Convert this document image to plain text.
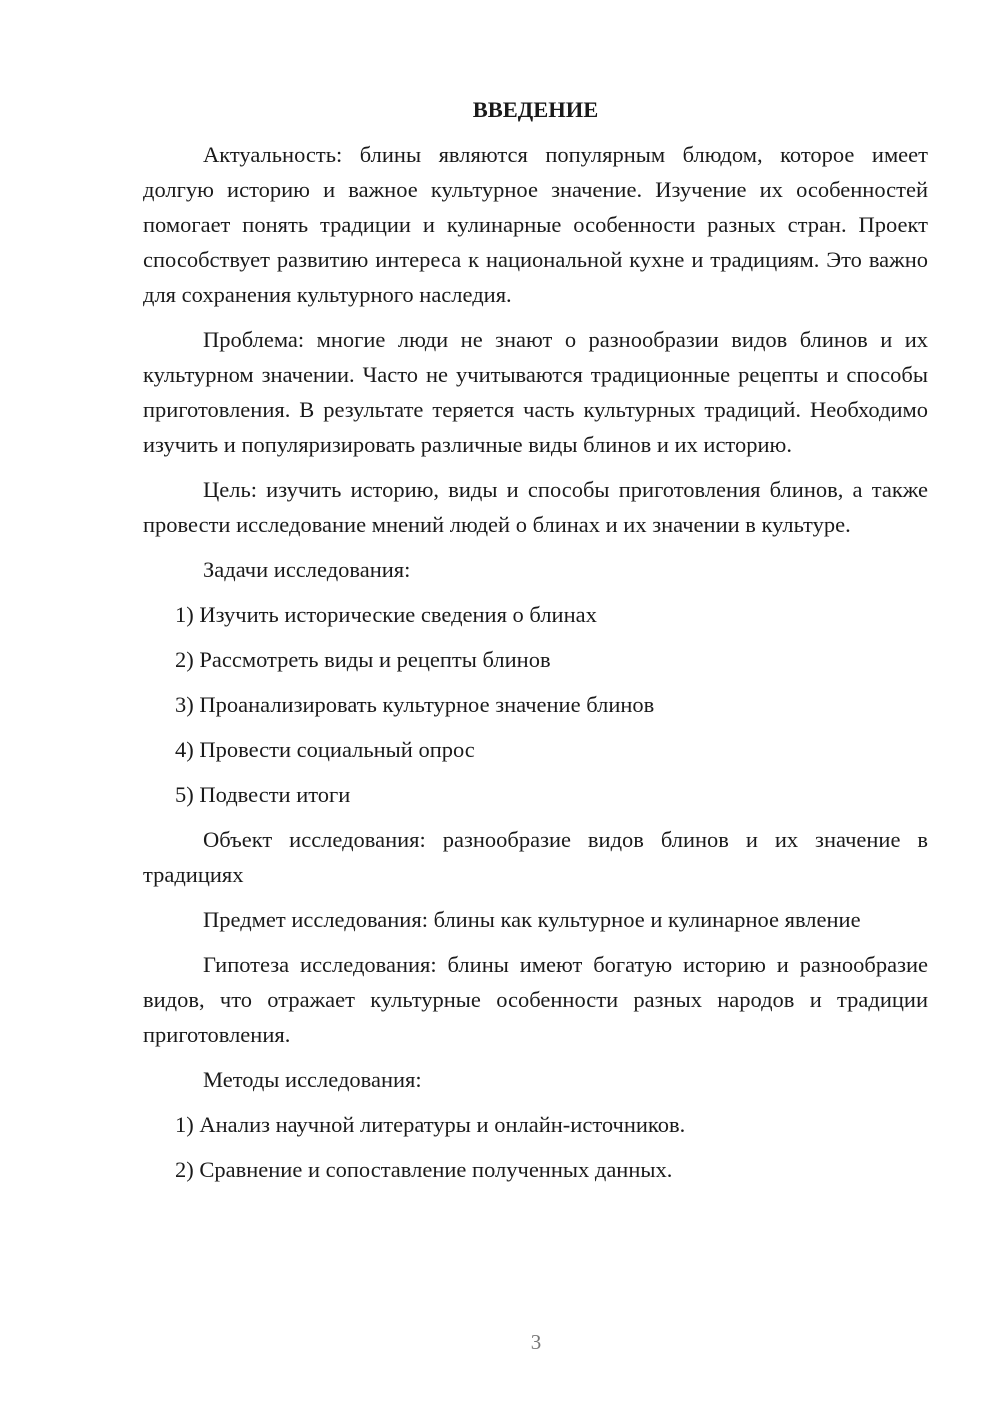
ВВЕДЕНИЕ
Актуальность: блины являются популярным блюдом, которое имеет долгую историю и важное культурное значение. Изучение их особенностей помогает понять традиции и кулинарные особенности разных стран. Проект способствует развитию интереса к национальной кухне и традициям. Это важно для сохранения культурного наследия.
Проблема: многие люди не знают о разнообразии видов блинов и их культурном значении. Часто не учитываются традиционные рецепты и способы приготовления. В результате теряется часть культурных традиций. Необходимо изучить и популяризировать различные виды блинов и их историю.
Цель: изучить историю, виды и способы приготовления блинов, а также провести исследование мнений людей о блинах и их значении в культуре.
Задачи исследования:
1) Изучить исторические сведения о блинах
2) Рассмотреть виды и рецепты блинов
3) Проанализировать культурное значение блинов
4) Провести социальный опрос
5) Подвести итоги
Объект исследования: разнообразие видов блинов и их значение в традициях
Предмет исследования: блины как культурное и кулинарное явление
Гипотеза исследования: блины имеют богатую историю и разнообразие видов, что отражает культурные особенности разных народов и традиции приготовления.
Методы исследования:
1) Анализ научной литературы и онлайн-источников.
2) Сравнение и сопоставление полученных данных.
3
